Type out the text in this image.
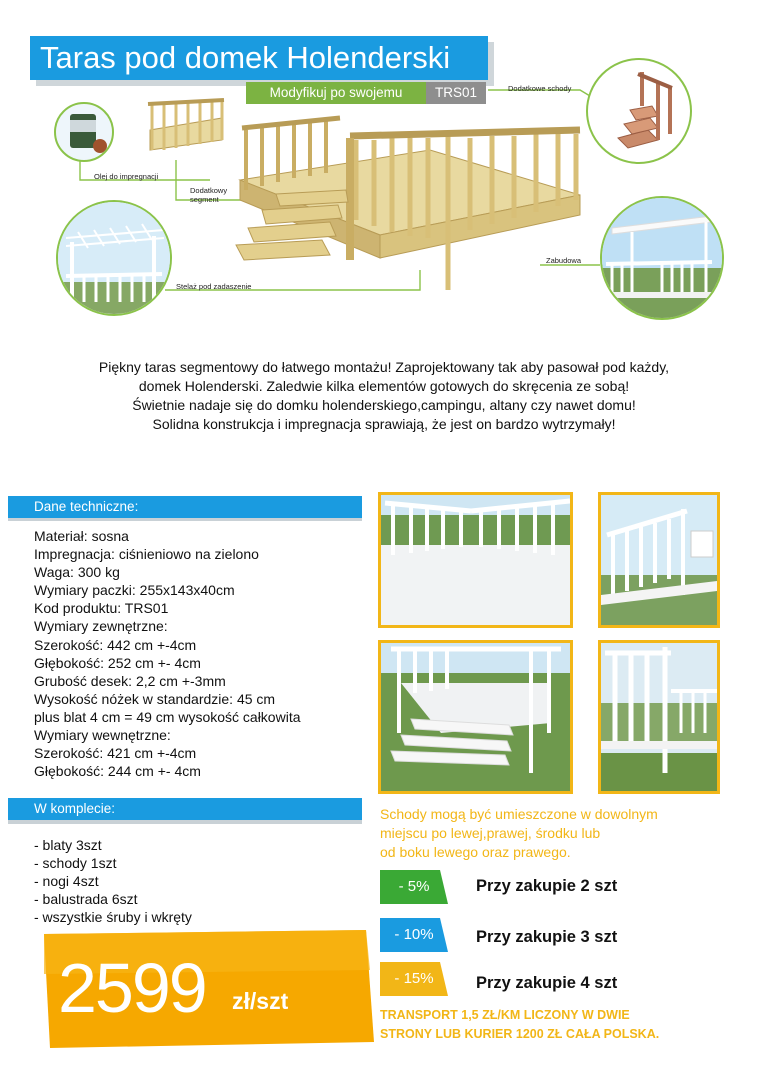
Taras pod domek Holenderski
Modyfikuj po swojemu	TRS01
Olej do impregnacji
Dodatkowy
segment
Dodatkowe schody
Zabudowa
Stelaż pod zadaszenie
Piękny taras segmentowy do łatwego montażu! Zaprojektowany tak aby pasował pod każdy,
domek Holenderski. Zaledwie kilka elementów gotowych do skręcenia ze sobą!
Świetnie nadaje się do domku holenderskiego,campingu, altany czy nawet domu!
Solidna konstrukcja i impregnacja sprawiają, że jest on bardzo wytrzymały!
Dane techniczne:
Materiał: sosna
Impregnacja: ciśnieniowo na zielono
Waga: 300 kg
Wymiary paczki: 255x143x40cm
Kod produktu: TRS01
Wymiary zewnętrzne:
Szerokość: 442 cm +-4cm
Głębokość: 252 cm +- 4cm
Grubość desek: 2,2 cm +-3mm
Wysokość nóżek w standardzie: 45 cm
plus blat 4 cm = 49 cm wysokość całkowita
Wymiary wewnętrzne:
Szerokość: 421 cm +-4cm
Głębokość: 244 cm +- 4cm
W komplecie:
- blaty 3szt
- schody 1szt
- nogi 4szt
- balustrada 6szt
- wszystkie śruby i wkręty
2599 zł/szt
Schody mogą być umieszczone w dowolnym
miejscu po lewej,prawej, środku lub
od boku lewego oraz prawego.
- 5%	Przy zakupie 2 szt
- 10%	Przy zakupie 3 szt
- 15%	Przy zakupie 4 szt
TRANSPORT 1,5 ZŁ/KM LICZONY W DWIE
STRONY LUB KURIER 1200 ZŁ CAŁA POLSKA.
